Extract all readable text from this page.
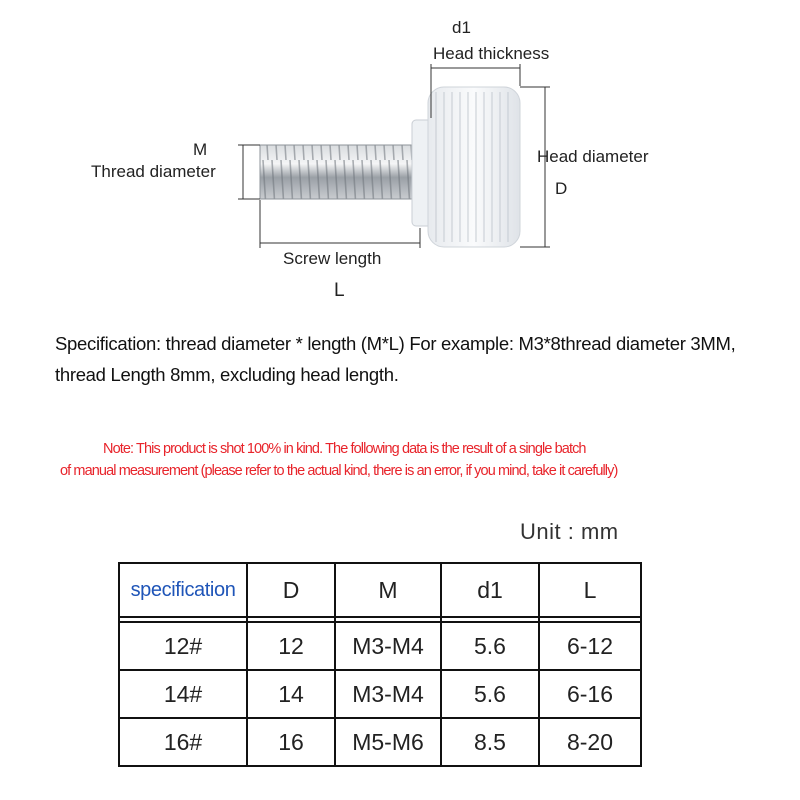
d1
Head thickness
M
Thread diameter
Head diameter
D
Screw length
L
Specification: thread diameter * length (M*L) For example: M3*8thread diameter 3MM,
thread Length 8mm, excluding head length.
Note: This product is shot 100% in kind. The following data is the result of a single batch
of manual measurement (please refer to the actual kind, there is an error, if you mind, take it carefully)
Unit : mm
specification	D	M	d1	L

12#	12	M3-M4	5.6	6-12
14#	14	M3-M4	5.6	6-16
16#	16	M5-M6	8.5	8-20
